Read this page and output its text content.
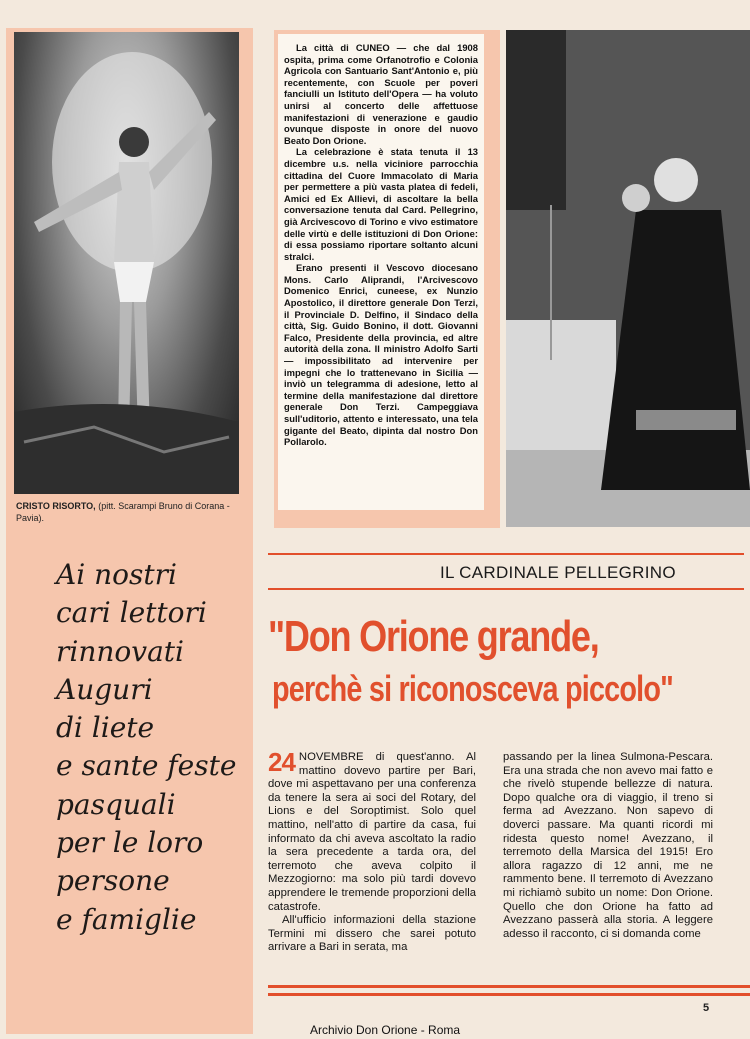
CRISTO RISORTO, (pitt. Scarampi Bruno di Corana - Pavia).
Ai nostri
cari lettori
rinnovati
Auguri
di liete
e sante feste
pasquali
per le loro
persone
e famiglie

La città di CUNEO — che dal 1908 ospita, prima come Orfanotrofio e Colonia Agricola con Santuario Sant'Antonio e, più recentemente, con Scuole per poveri fanciulli un Istituto dell'Opera — ha voluto unirsi al concerto delle affettuose manifestazioni di venerazione e gaudio ovunque disposte in onore del nuovo Beato Don Orione.

La celebrazione è stata tenuta il 13 dicembre u.s. nella viciniore parrocchia cittadina del Cuore Immacolato di Maria per permettere a più vasta platea di fedeli, Amici ed Ex Allievi, di ascoltare la bella conversazione tenuta dal Card. Pellegrino, già Arcivescovo di Torino e vivo estimatore delle virtù e delle istituzioni di Don Orione: di essa possiamo riportare soltanto alcuni stralci.

Erano presenti il Vescovo diocesano Mons. Carlo Aliprandi, l'Arcivescovo Domenico Enrici, cuneese, ex Nunzio Apostolico, il direttore generale Don Terzi, il Provinciale D. Delfino, il Sindaco della città, Sig. Guido Bonino, il dott. Giovanni Falco, Presidente della provincia, ed altre autorità della zona. Il ministro Adolfo Sarti — impossibilitato ad intervenire per impegni che lo trattenevano in Sicilia — inviò un telegramma di adesione, letto al termine della manifestazione dal direttore generale Don Terzi. Campeggiava sull'uditorio, attento e interessato, una tela gigante del Beato, dipinta dal nostro Don Pollarolo.

IL CARDINALE PELLEGRINO
"Don Orione grande,
perchè si riconosceva piccolo"

24 NOVEMBRE di quest'anno. Al mattino dovevo partire per Bari, dove mi aspettavano per una conferenza da tenere la sera ai soci del Rotary, del Lions e del Soroptimist. Solo quel mattino, nell'atto di partire da casa, fui informato da chi aveva ascoltato la radio la sera precedente a tarda ora, del terremoto che aveva colpito il Mezzogiorno: ma solo più tardi dovevo apprendere le tremende proporzioni della catastrofe.

All'ufficio informazioni della stazione Termini mi dissero che sarei potuto arrivare a Bari in serata, ma

passando per la linea Sulmona-Pescara. Era una strada che non avevo mai fatto e che rivelò stupende bellezze di natura. Dopo qualche ora di viaggio, il treno si ferma ad Avezzano. Non sapevo di doverci passare. Ma quanti ricordi mi ridesta questo nome! Avezzano, il terremoto della Marsica del 1915! Ero allora ragazzo di 12 anni, me ne rammento bene. Il terremoto di Avezzano mi richiamò subito un nome: Don Orione. Quello che don Orione ha fatto ad Avezzano passerà alla storia. A leggere adesso il racconto, ci si domanda come

5
Archivio Don Orione - Roma
